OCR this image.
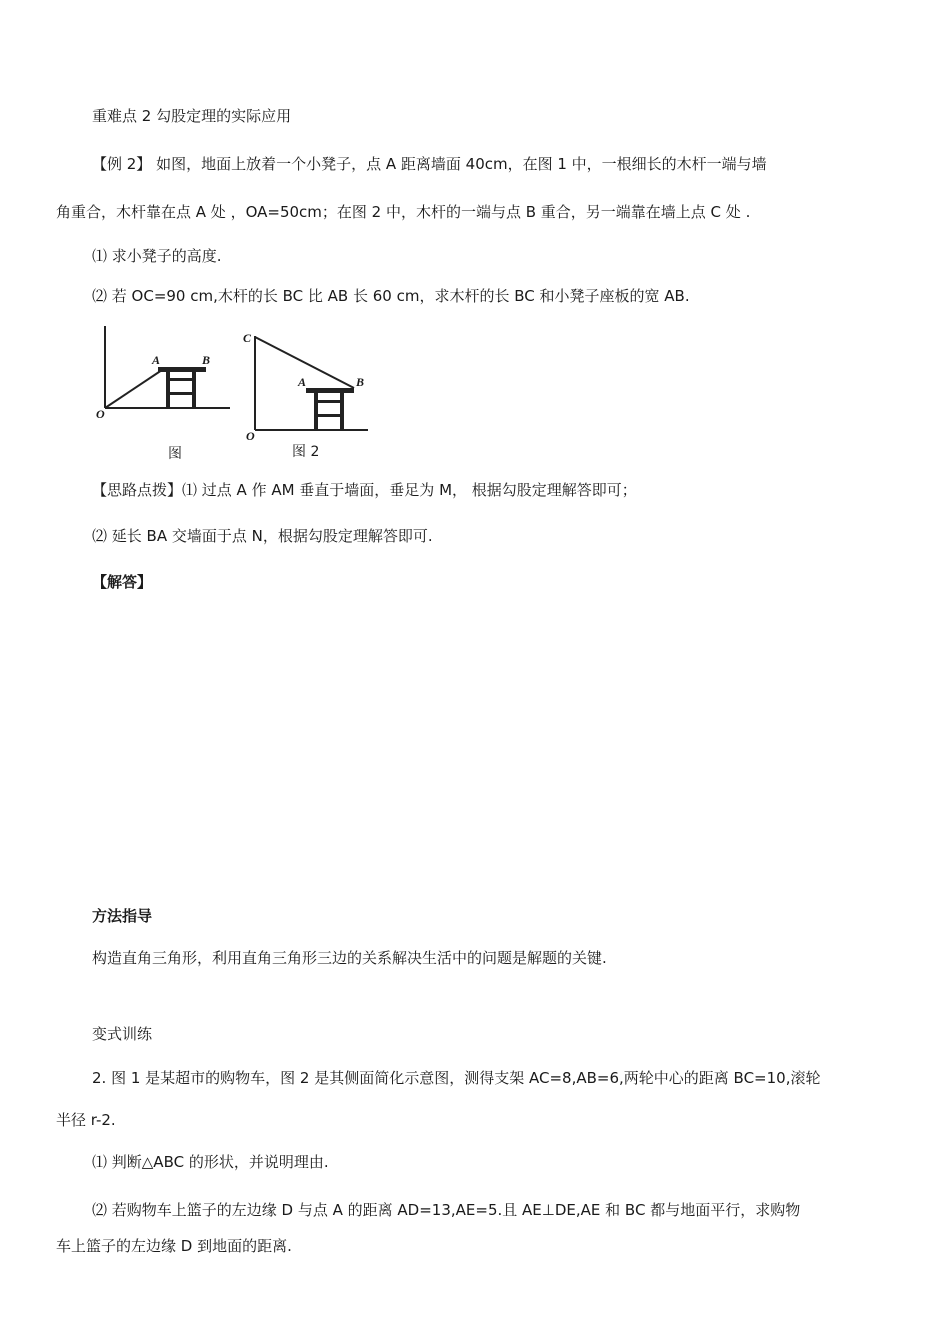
重难点 2 勾股定理的实际应用
【例 2】 如图，地面上放着一个小凳子，点 A 距离墙面 40cm，在图 1 中，一根细长的木杆一端与墙
角重合，木杆靠在点 A 处 ，OA=50cm；在图 2 中，木杆的一端与点 B 重合，另一端靠在墙上点 C 处 .
⑴ 求小凳子的高度.
⑵ 若 OC=90 cm,木杆的长 BC 比 AB 长 60 cm，求木杆的长 BC 和小凳子座板的宽 AB.
A	B
O
图
C
A	B
O
图 2
【思路点拨】⑴ 过点 A 作 AM 垂直于墙面，垂足为 M， 根据勾股定理解答即可；
⑵ 延长 BA 交墙面于点 N，根据勾股定理解答即可.
【解答】
方法指导
构造直角三角形，利用直角三角形三边的关系解决生活中的问题是解题的关键.
变式训练
2. 图 1 是某超市的购物车，图 2 是其侧面简化示意图，测得支架 AC=8,AB=6,两轮中心的距离 BC=10,滚轮
半径 r-2.
⑴ 判断△ABC 的形状，并说明理由.
⑵ 若购物车上篮子的左边缘 D 与点 A 的距离 AD=13,AE=5.且 AE⊥DE,AE 和 BC 都与地面平行，求购物
车上篮子的左边缘 D 到地面的距离.
